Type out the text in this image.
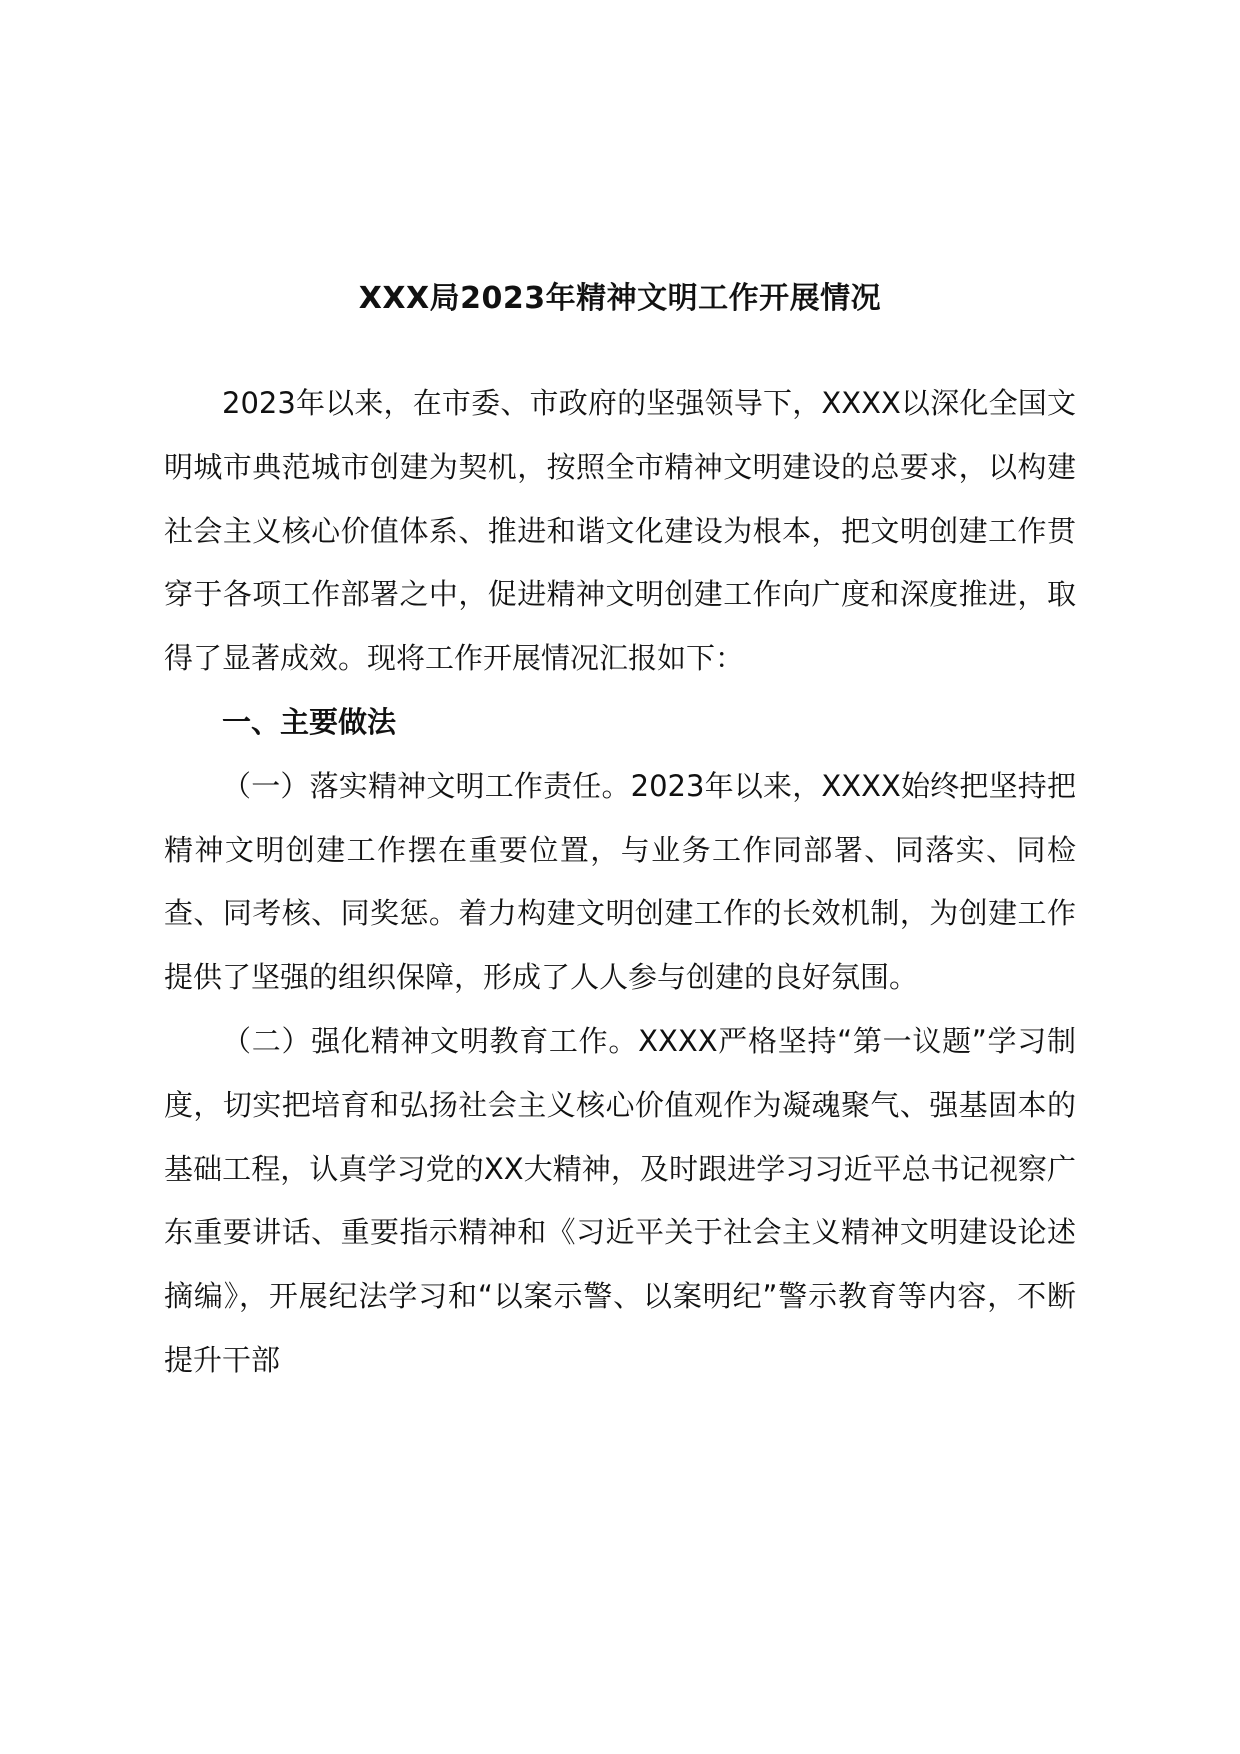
XXX局2023年精神文明工作开展情况

2023年以来，在市委、市政府的坚强领导下，XXXX以深化全国文明城市典范城市创建为契机，按照全市精神文明建设的总要求，以构建社会主义核心价值体系、推进和谐文化建设为根本，把文明创建工作贯穿于各项工作部署之中，促进精神文明创建工作向广度和深度推进，取得了显著成效。现将工作开展情况汇报如下：

一、主要做法

（一）落实精神文明工作责任。2023年以来，XXXX始终把坚持把精神文明创建工作摆在重要位置，与业务工作同部署、同落实、同检查、同考核、同奖惩。着力构建文明创建工作的长效机制，为创建工作提供了坚强的组织保障，形成了人人参与创建的良好氛围。

（二）强化精神文明教育工作。XXXX严格坚持“第一议题”学习制度，切实把培育和弘扬社会主义核心价值观作为凝魂聚气、强基固本的基础工程，认真学习党的XX大精神，及时跟进学习习近平总书记视察广东重要讲话、重要指示精神和《习近平关于社会主义精神文明建设论述摘编》，开展纪法学习和“以案示警、以案明纪”警示教育等内容，不断提升干部
